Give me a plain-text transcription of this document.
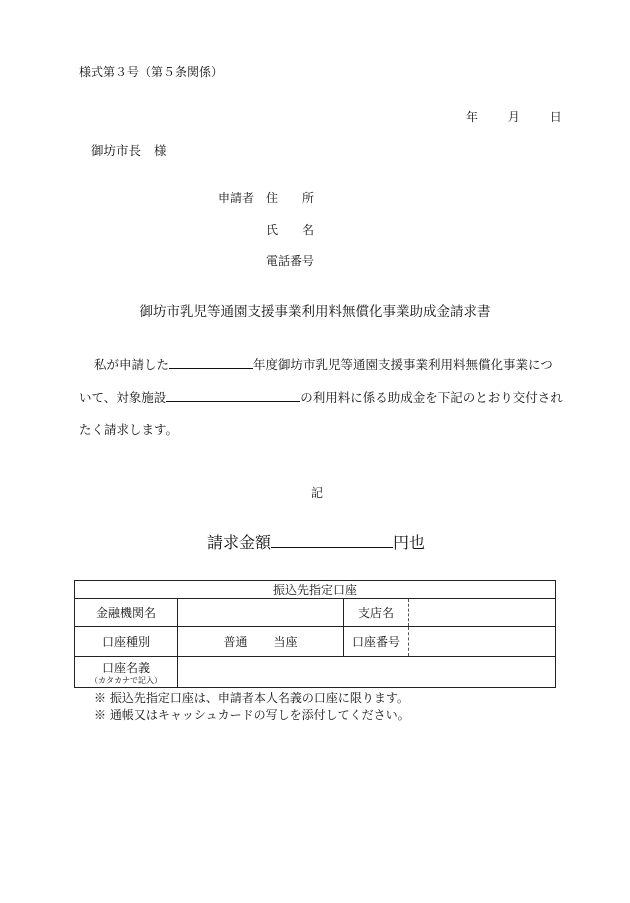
様式第３号（第５条関係）
年 月 日
御坊市長 様
申請者 住　　所
氏　　名
電話番号
御坊市乳児等通園支援事業利用料無償化事業助成金請求書
私が申請した	年度御坊市乳児等通園支援事業利用料無償化事業につ
いて、対象施設	の利用料に係る助成金を下記のとおり交付され
たく請求します。
記
請求金額	円也
振込先指定口座			
金融機関名		支店名	
口座種別	普通 当座	口座番号	
口座名義
（カタカナで記入）			

※ 振込先指定口座は、申請者本人名義の口座に限ります。
※ 通帳又はキャッシュカードの写しを添付してください。
